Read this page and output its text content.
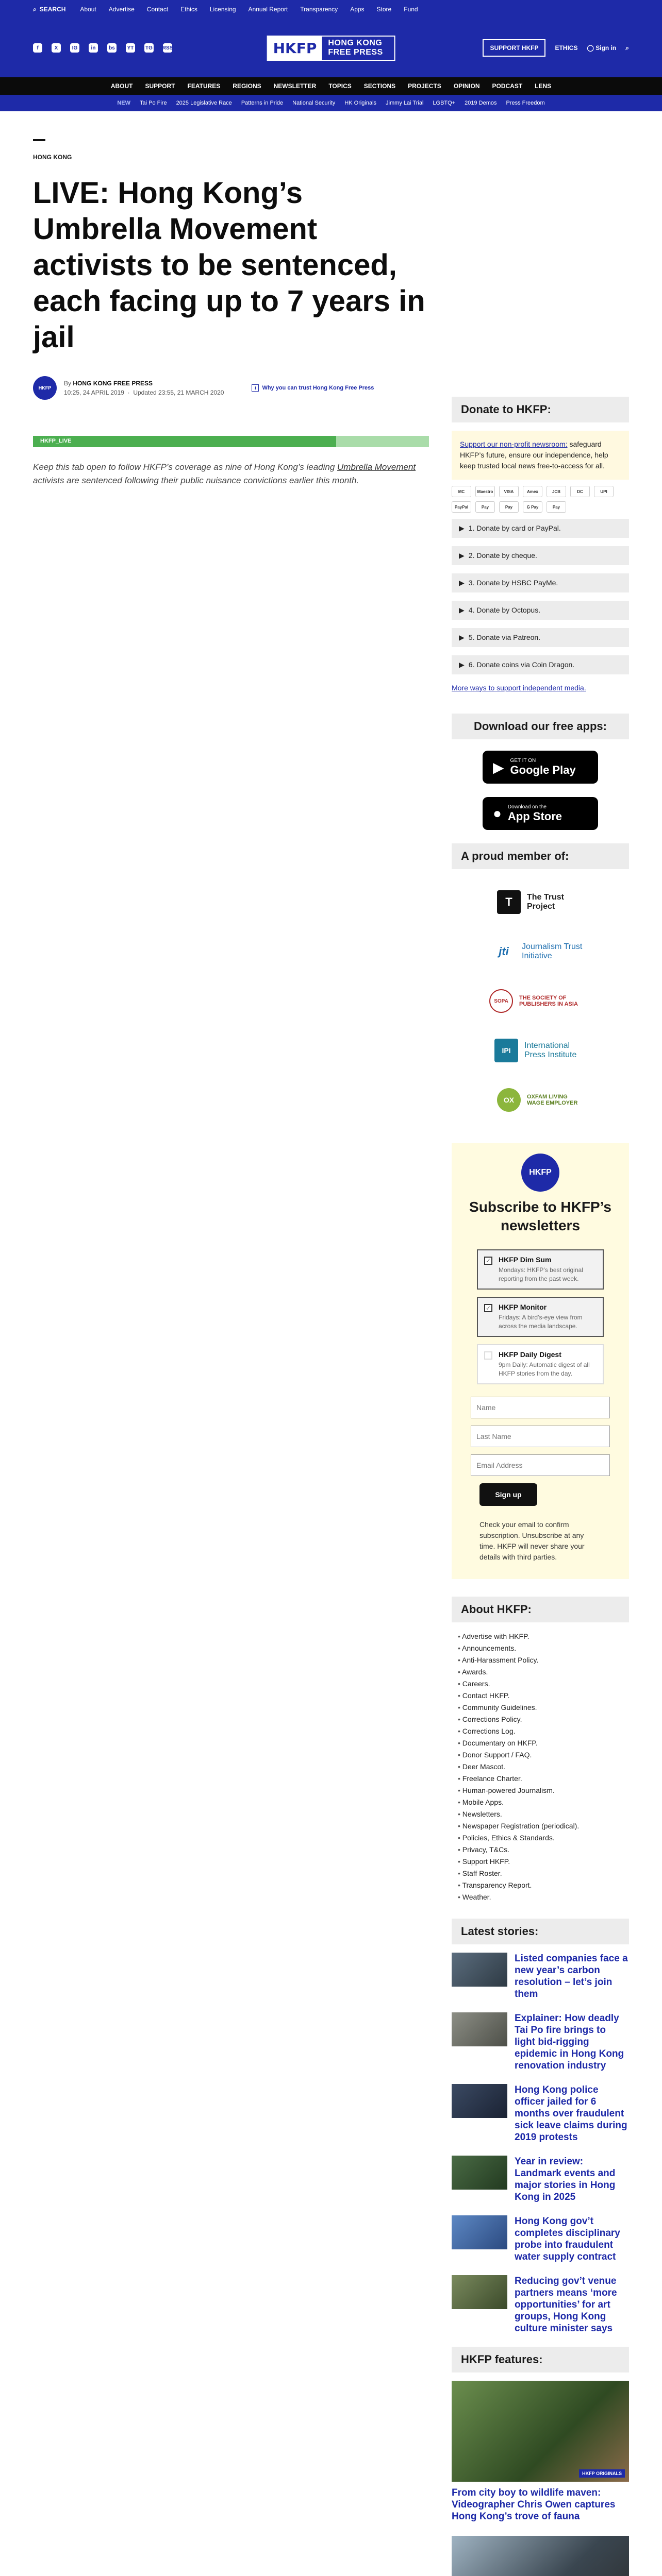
⌕ SEARCH About Advertise Contact Ethics Licensing Annual Report Transparency Apps Store Fund
f	X	IG	in	bs	YT TG RSS	HKFP	HONG KONG FREE PRESS	SUPPORT HKFP	ETHICS ◯ Sign in ⌕
ABOUT SUPPORT FEATURES REGIONS NEWSLETTER TOPICS SECTIONS PROJECTS OPINION PODCAST LENS
NEW Tai Po Fire 2025 Legislative Race Patterns in Pride National Security HK Originals Jimmy Lai Trial LGBTQ+ 2019 Demos Press Freedom
HONG KONG
LIVE: Hong Kong’s Umbrella Movement activists to be sentenced, each facing up to 7 years in jail
HKFP
By HONG KONG FREE PRESS
10:25, 24 APRIL 2019  ·  Updated 23:55, 21 MARCH 2020
i	Why you can trust Hong Kong Free Press
HKFP_LIVE

Keep this tab open to follow HKFP’s coverage as nine of Hong Kong’s leading Umbrella Movement activists are sentenced following their public nuisance convictions earlier this month.

Donate to HKFP:
Support our non-profit newsroom: safeguard HKFP’s future, ensure our independence, help keep trusted local news free-to-access for all.
MC	Maestro	VISA	Amex	JCB	DC	UPI
PayPal	Pay	Pay	G Pay	Pay
▶ 1. Donate by card or PayPal.
▶ 2. Donate by cheque.
▶ 3. Donate by HSBC PayMe.
▶ 4. Donate by Octopus.
▶ 5. Donate via Patreon.
▶ 6. Donate coins via Coin Dragon.
More ways to support independent media.
Download our free apps:
▶ GET IT ON
Google Play
● Download on the
App Store
A proud member of:
T	The Trust Project
jti	Journalism Trust Initiative
SOPA	THE SOCIETY OF PUBLISHERS IN ASIA
IPI
International Press Institute
OX	OXFAM LIVING WAGE EMPLOYER
HKFP
Subscribe to HKFP’s newsletters
✓ HKFP Dim Sum
Mondays: HKFP’s best original reporting from the past week.
✓ HKFP Monitor
Fridays: A bird’s-eye view from across the media landscape.
HKFP Daily Digest
9pm Daily: Automatic digest of all HKFP stories from the day.
Name
Last Name
Email Address
Sign up
Check your email to confirm subscription. Unsubscribe at any time. HKFP will never share your details with third parties.
About HKFP:
• Advertise with HKFP.
• Announcements.
• Anti-Harassment Policy.
• Awards.
• Careers.
• Contact HKFP.
• Community Guidelines.
• Corrections Policy.
• Corrections Log.
• Documentary on HKFP.
• Donor Support / FAQ.
• Deer Mascot.
• Freelance Charter.
• Human-powered Journalism.
• Mobile Apps.
• Newsletters.
• Newspaper Registration (periodical).
• Policies, Ethics & Standards.
• Privacy, T&Cs.
• Support HKFP.
• Staff Roster.
• Transparency Report.
• Weather.
Latest stories:
Listed companies face a new year’s carbon resolution – let’s join them
Explainer: How deadly Tai Po fire brings to light bid-rigging epidemic in Hong Kong renovation industry
Hong Kong police officer jailed for 6 months over fraudulent sick leave claims during 2019 protests
Year in review: Landmark events and major stories in Hong Kong in 2025
Hong Kong gov’t completes disciplinary probe into fraudulent water supply contract
Reducing gov’t venue partners means ‘more opportunities’ for art groups, Hong Kong culture minister says
HKFP features:
HKFP ORIGINALS
From city boy to wildlife maven: Videographer Chris Owen captures Hong Kong’s trove of fauna
